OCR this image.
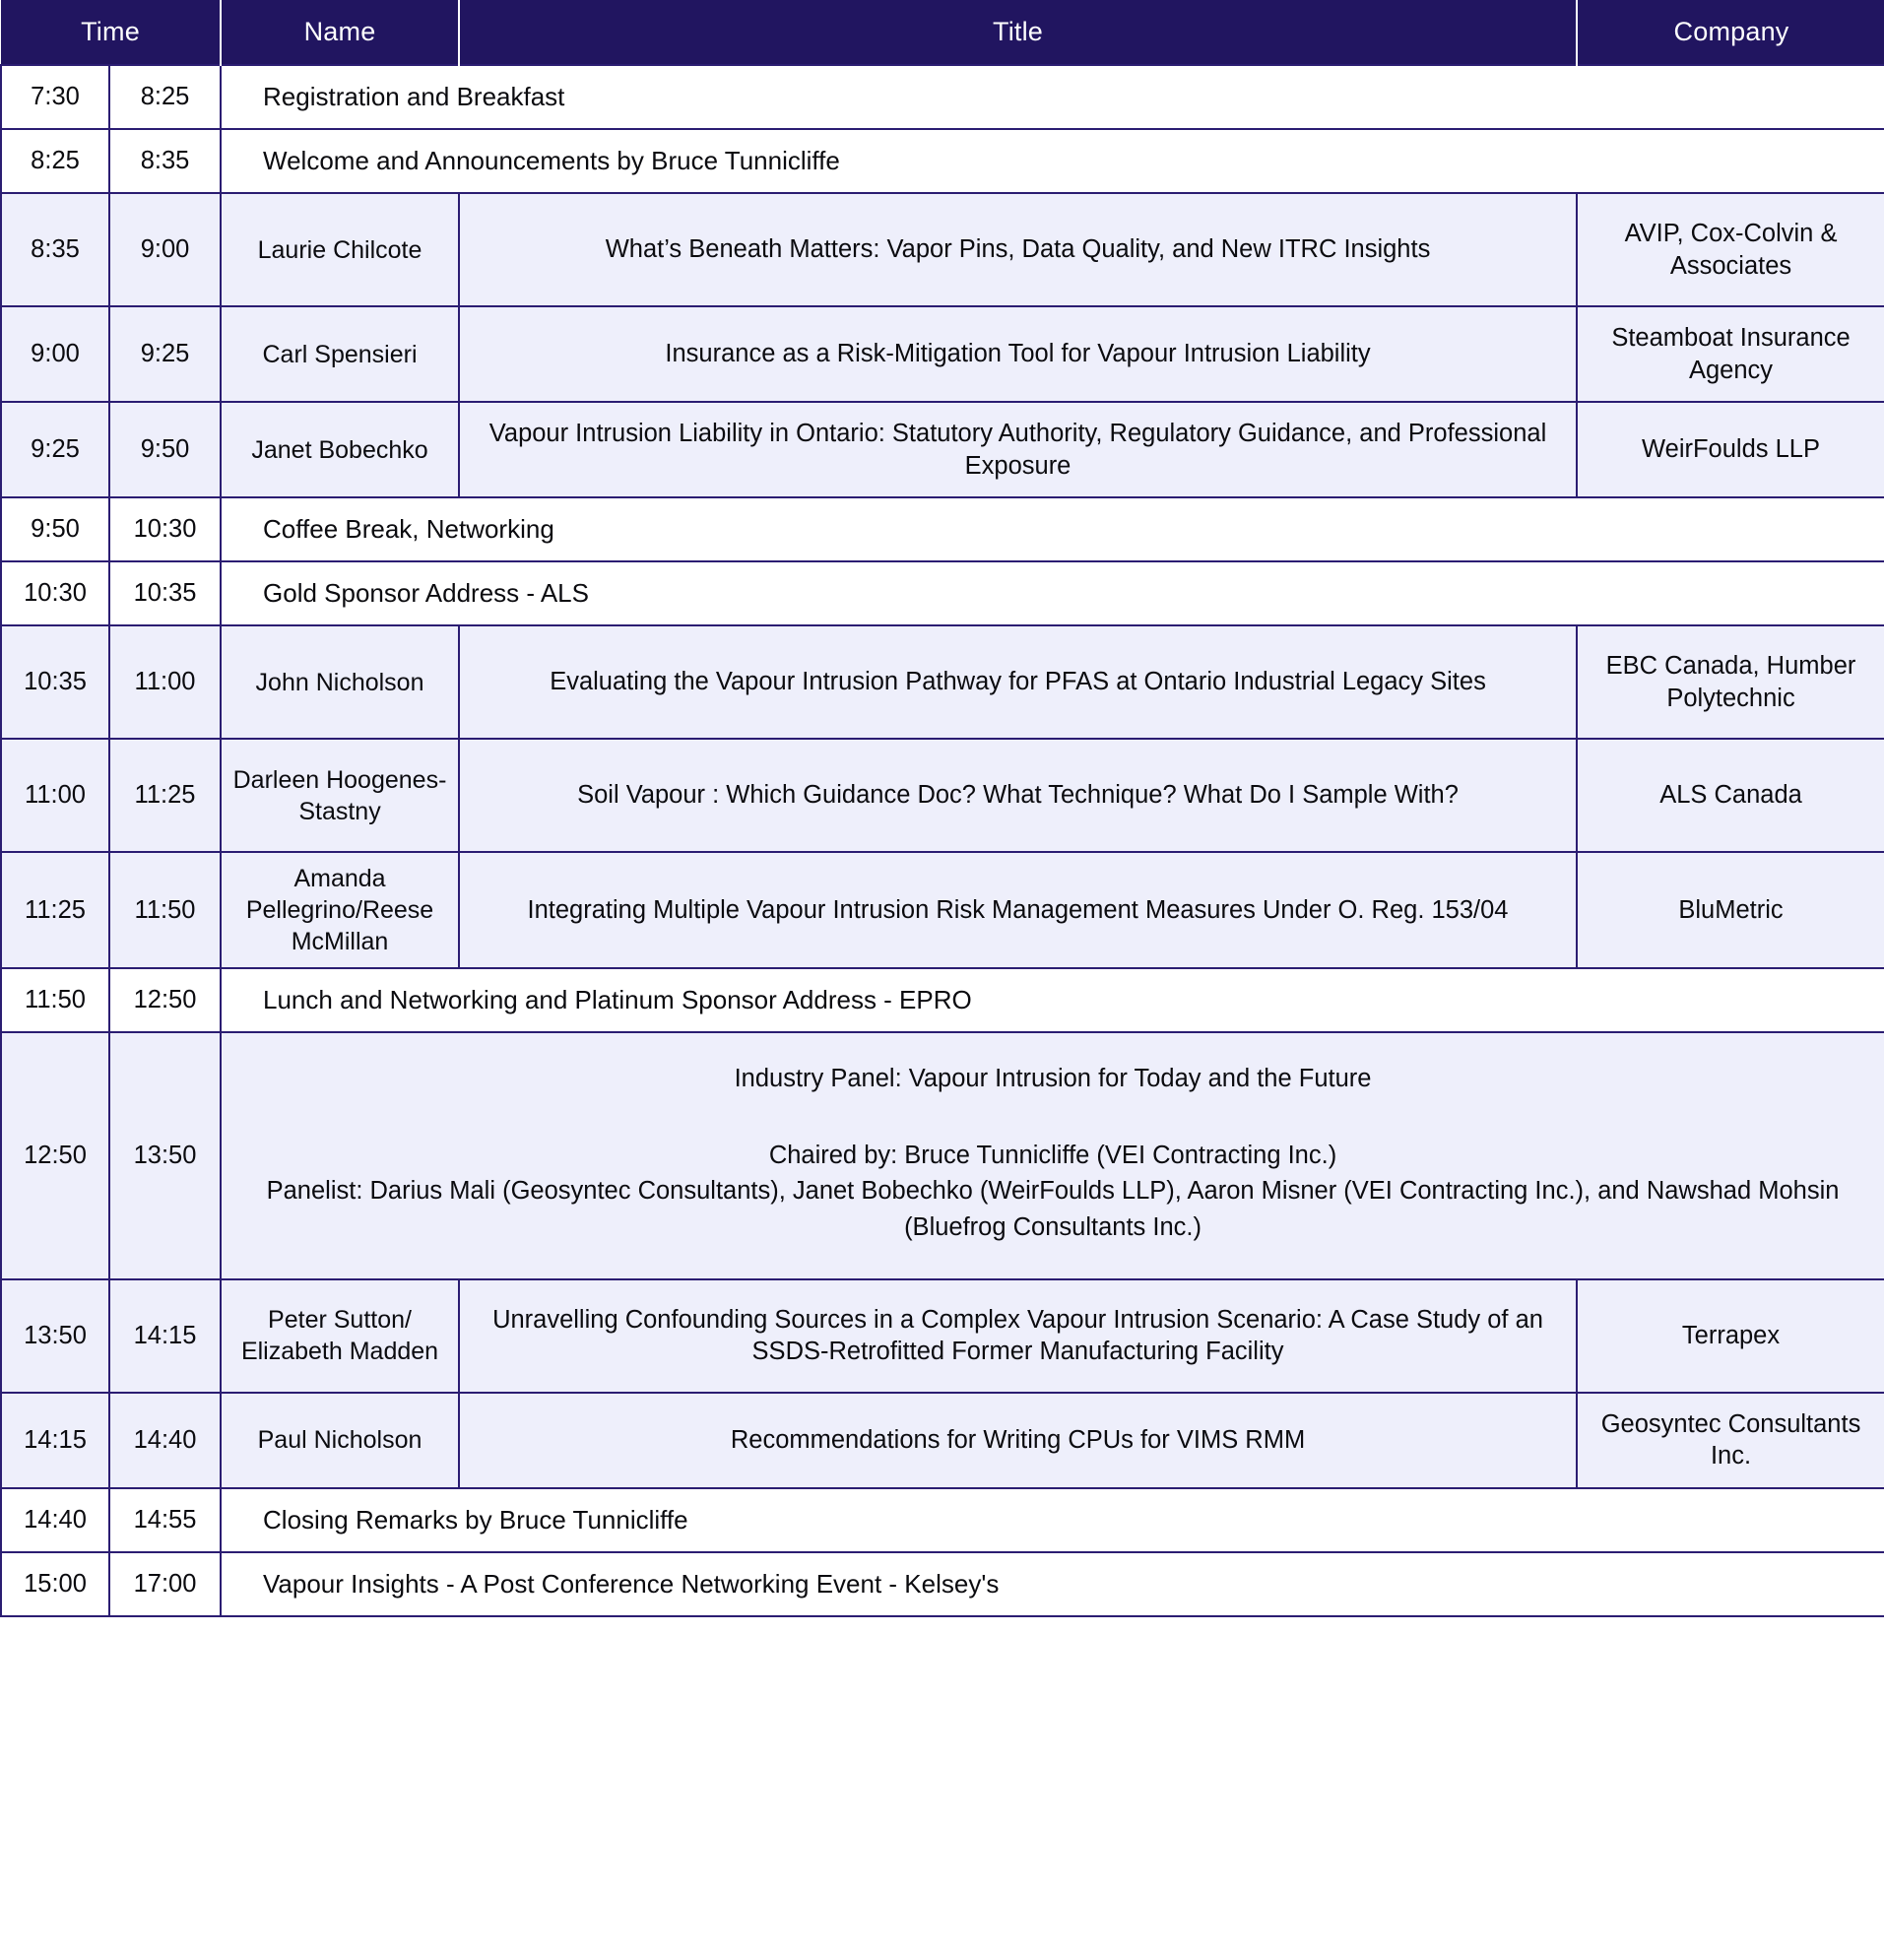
Time		Name	Title	Company
7:30	8:25	Registration and Breakfast		
8:25	8:35	Welcome and Announcements by Bruce Tunnicliffe		
8:35	9:00	Laurie Chilcote	What’s Beneath Matters: Vapor Pins, Data Quality, and New ITRC Insights	AVIP, Cox-Colvin & Associates
9:00	9:25	Carl Spensieri	Insurance as a Risk-Mitigation Tool for Vapour Intrusion Liability	Steamboat Insurance Agency
9:25	9:50	Janet Bobechko	Vapour Intrusion Liability in Ontario: Statutory Authority, Regulatory Guidance, and Professional Exposure	WeirFoulds LLP
9:50	10:30	Coffee Break, Networking		
10:30	10:35	Gold Sponsor Address - ALS		
10:35	11:00	John Nicholson	Evaluating the Vapour Intrusion Pathway for PFAS at Ontario Industrial Legacy Sites	EBC Canada, Humber Polytechnic
11:00	11:25	Darleen Hoogenes-Stastny	Soil Vapour : Which Guidance Doc? What Technique? What Do I Sample With?	ALS Canada
11:25	11:50	Amanda Pellegrino/Reese McMillan	Integrating Multiple Vapour Intrusion Risk Management Measures Under O. Reg. 153/04	BluMetric
11:50	12:50	Lunch and Networking and Platinum Sponsor Address - EPRO		
12:50	13:50	Industry Panel: Vapour Intrusion for Today and the Future
Chaired by: Bruce Tunnicliffe (VEI Contracting Inc.)
Panelist: Darius Mali (Geosyntec Consultants), Janet Bobechko (WeirFoulds LLP), Aaron Misner (VEI Contracting Inc.), and Nawshad Mohsin (Bluefrog Consultants Inc.)		

13:50	14:15	Peter Sutton/ Elizabeth Madden	Unravelling Confounding Sources in a Complex Vapour Intrusion Scenario: A Case Study of an SSDS-Retrofitted Former Manufacturing Facility	Terrapex
14:15	14:40	Paul Nicholson	Recommendations for Writing CPUs for VIMS RMM	Geosyntec Consultants Inc.
14:40	14:55	Closing Remarks by Bruce Tunnicliffe		
15:00	17:00	Vapour Insights - A Post Conference Networking Event - Kelsey's		
